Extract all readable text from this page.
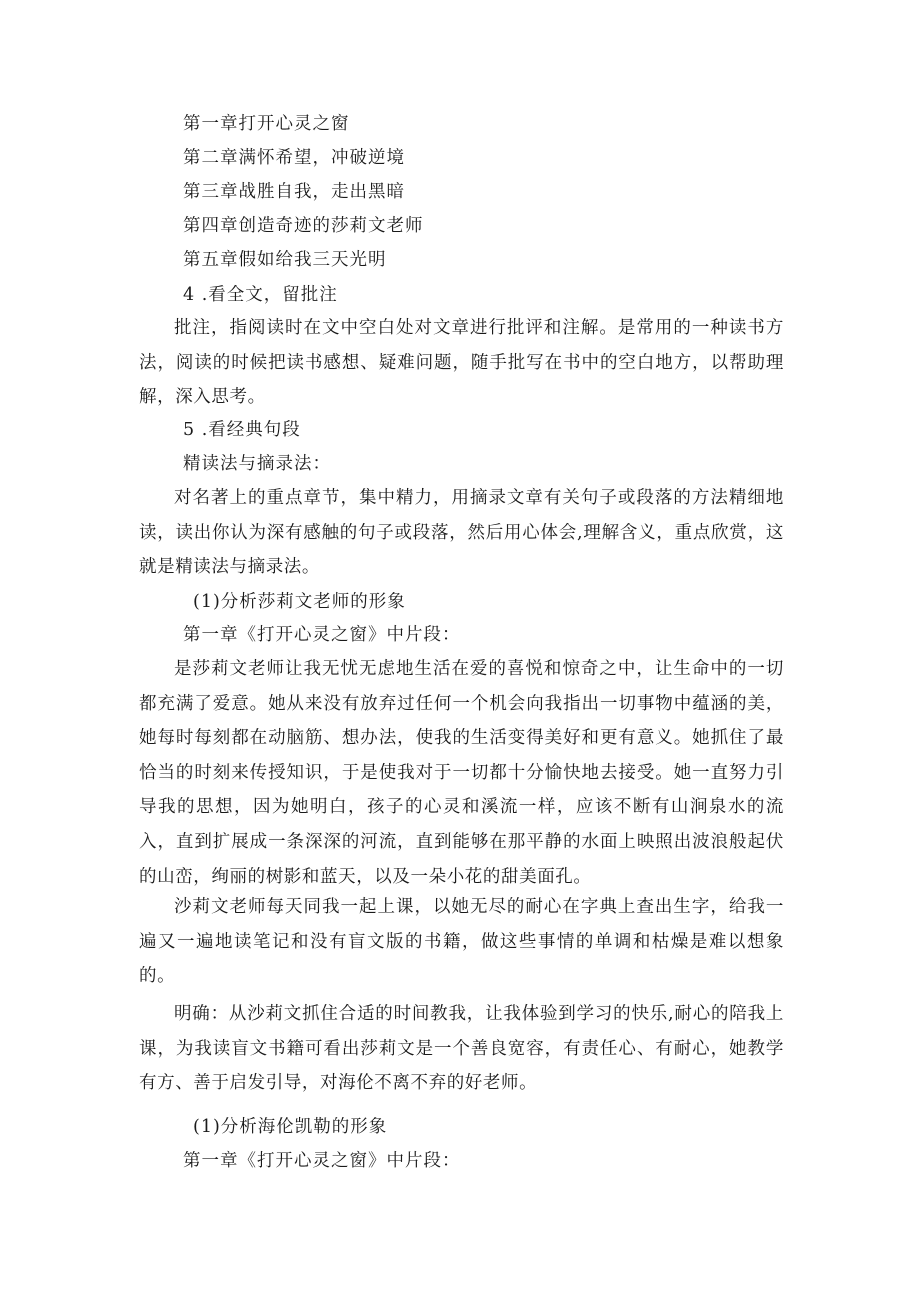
第一章打开心灵之窗
第二章满怀希望，冲破逆境
第三章战胜自我，走出黑暗
第四章创造奇迹的莎莉文老师
第五章假如给我三天光明
4 .看全文，留批注
批注，指阅读时在文中空白处对文章进行批评和注解。是常用的一种读书方法，阅读的时候把读书感想、疑难问题，随手批写在书中的空白地方，以帮助理解，深入思考。
5 .看经典句段
精读法与摘录法：
对名著上的重点章节，集中精力，用摘录文章有关句子或段落的方法精细地读，读出你认为深有感触的句子或段落，然后用心体会,理解含义，重点欣赏，这就是精读法与摘录法。
(1)分析莎莉文老师的形象
第一章《打开心灵之窗》中片段：
是莎莉文老师让我无忧无虑地生活在爱的喜悦和惊奇之中，让生命中的一切都充满了爱意。她从来没有放弃过任何一个机会向我指出一切事物中蕴涵的美，她每时每刻都在动脑筋、想办法，使我的生活变得美好和更有意义。她抓住了最恰当的时刻来传授知识，于是使我对于一切都十分愉快地去接受。她一直努力引导我的思想，因为她明白，孩子的心灵和溪流一样，应该不断有山涧泉水的流入，直到扩展成一条深深的河流，直到能够在那平静的水面上映照出波浪般起伏的山峦，绚丽的树影和蓝天，以及一朵小花的甜美面孔。
沙莉文老师每天同我一起上课，以她无尽的耐心在字典上查出生字，给我一遍又一遍地读笔记和没有盲文版的书籍，做这些事情的单调和枯燥是难以想象的。
明确：从沙莉文抓住合适的时间教我，让我体验到学习的快乐,耐心的陪我上课，为我读盲文书籍可看出莎莉文是一个善良宽容，有责任心、有耐心，她教学有方、善于启发引导，对海伦不离不弃的好老师。
(1)分析海伦凯勒的形象
第一章《打开心灵之窗》中片段：
